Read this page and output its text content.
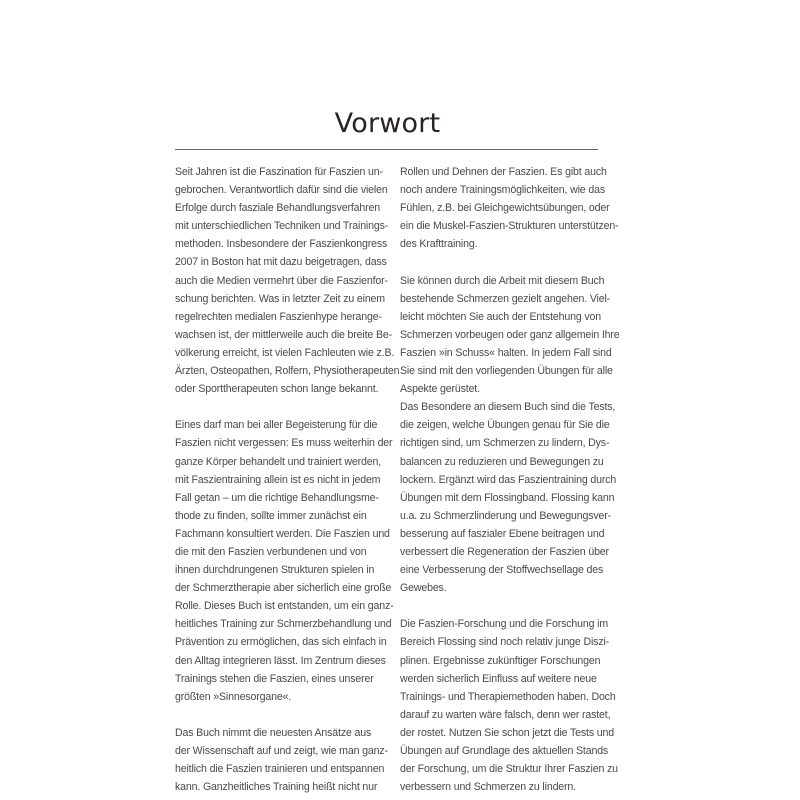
Vorwort

Seit Jahren ist die Faszination für Faszien un-
gebrochen. Verantwortlich dafür sind die vielen
Erfolge durch fasziale Behandlungsverfahren
mit unterschiedlichen Techniken und Trainings-
methoden. Insbesondere der Faszienkongress
2007 in Boston hat mit dazu beigetragen, dass
auch die Medien vermehrt über die Faszienfor-
schung berichten. Was in letzter Zeit zu einem
regelrechten medialen Faszienhype herange-
wachsen ist, der mittlerweile auch die breite Be-
völkerung erreicht, ist vielen Fachleuten wie z.B.
Ärzten, Osteopathen, Rolfern, Physiotherapeuten
oder Sporttherapeuten schon lange bekannt.

Eines darf man bei aller Begeisterung für die
Faszien nicht vergessen: Es muss weiterhin der
ganze Körper behandelt und trainiert werden,
mit Faszientraining allein ist es nicht in jedem
Fall getan – um die richtige Behandlungsme-
thode zu finden, sollte immer zunächst ein
Fachmann konsultiert werden. Die Faszien und
die mit den Faszien verbundenen und von
ihnen durchdrungenen Strukturen spielen in
der Schmerztherapie aber sicherlich eine große
Rolle. Dieses Buch ist entstanden, um ein ganz-
heitliches Training zur Schmerzbehandlung und
Prävention zu ermöglichen, das sich einfach in
den Alltag integrieren lässt. Im Zentrum dieses
Trainings stehen die Faszien, eines unserer
größten »Sinnesorgane«.

Das Buch nimmt die neuesten Ansätze aus
der Wissenschaft auf und zeigt, wie man ganz-
heitlich die Faszien trainieren und entspannen
kann. Ganzheitliches Training heißt nicht nur

Rollen und Dehnen der Faszien. Es gibt auch
noch andere Trainingsmöglichkeiten, wie das
Fühlen, z.B. bei Gleichgewichtsübungen, oder
ein die Muskel-Faszien-Strukturen unterstützen-
des Krafttraining.

Sie können durch die Arbeit mit diesem Buch
bestehende Schmerzen gezielt angehen. Viel-
leicht möchten Sie auch der Entstehung von
Schmerzen vorbeugen oder ganz allgemein Ihre
Faszien »in Schuss« halten. In jedem Fall sind
Sie sind mit den vorliegenden Übungen für alle
Aspekte gerüstet.
Das Besondere an diesem Buch sind die Tests,
die zeigen, welche Übungen genau für Sie die
richtigen sind, um Schmerzen zu lindern, Dys-
balancen zu reduzieren und Bewegungen zu
lockern. Ergänzt wird das Faszientraining durch
Übungen mit dem Flossingband. Flossing kann
u.a. zu Schmerzlinderung und Bewegungsver-
besserung auf faszialer Ebene beitragen und
verbessert die Regeneration der Faszien über
eine Verbesserung der Stoffwechsellage des
Gewebes.

Die Faszien-Forschung und die Forschung im
Bereich Flossing sind noch relativ junge Diszi-
plinen. Ergebnisse zukünftiger Forschungen
werden sicherlich Einfluss auf weitere neue
Trainings- und Therapiemethoden haben. Doch
darauf zu warten wäre falsch, denn wer rastet,
der rostet. Nutzen Sie schon jetzt die Tests und
Übungen auf Grundlage des aktuellen Stands
der Forschung, um die Struktur Ihrer Faszien zu
verbessern und Schmerzen zu lindern.
